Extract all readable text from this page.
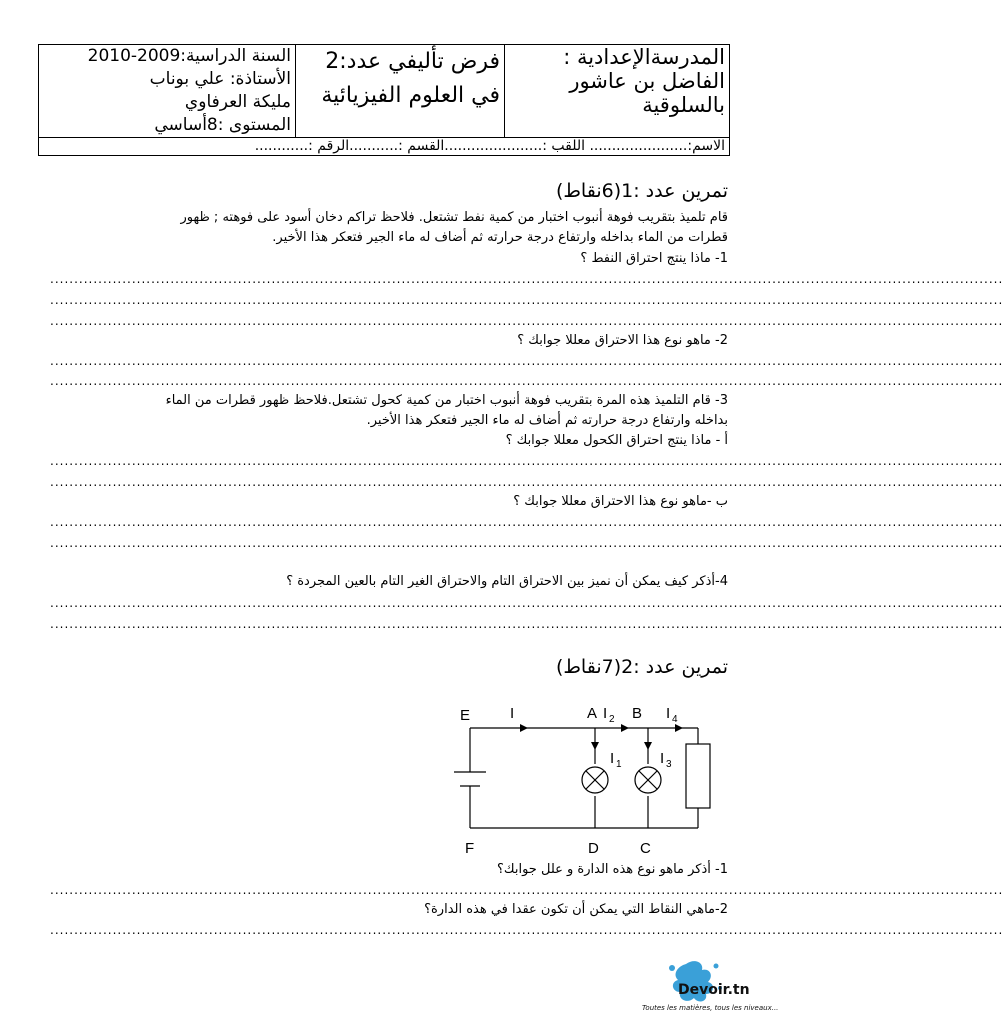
السنة الدراسية:2009-2010
الأستاذة: علي بوناب
مليكة العرفاوي
المستوى :8أساسي

فرض تأليفي عدد:2
في العلوم الفيزيائية

المدرسةالإعدادية :
الفاضل بن عاشور
بالسلوقية

الاسم:...................... اللقب :......................القسم :...........الرقم :............
تمرين عدد :1(6نقاط)
قام تلميذ بتقريب فوهة أنبوب اختبار من كمية نفط تشتعل. فلاحظ تراكم دخان أسود على فوهته ; ظهور
قطرات من الماء بداخله وارتفاع درجة حرارته ثم أضاف له ماء الجير فتعكر هذا الأخير.
1- ماذا ينتج احتراق النفط ؟
......................................................................................................................................................................................................
......................................................................................................................................................................................................
......................................................................................................................................................................................................
2- ماهو نوع هذا الاحتراق معللا جوابك ؟
......................................................................................................................................................................................................
......................................................................................................................................................................................................
3- قام التلميذ هذه المرة بتقريب فوهة أنبوب اختبار من كمية كحول تشتعل.فلاحظ ظهور قطرات من الماء
بداخله وارتفاع درجة حرارته ثم أضاف له ماء الجير فتعكر هذا الأخير.
أ - ماذا ينتج احتراق الكحول معللا جوابك ؟
......................................................................................................................................................................................................
......................................................................................................................................................................................................
ب -ماهو نوع هذا الاحتراق معللا جوابك ؟
......................................................................................................................................................................................................
......................................................................................................................................................................................................
4-أذكر كيف يمكن أن نميز بين الاحتراق التام والاحتراق الغير التام بالعين المجردة ؟
......................................................................................................................................................................................................
......................................................................................................................................................................................................
تمرين عدد :2(7نقاط)
E	I	A I 2 B I 4
I 1	I 3
F	D	C
1- أذكر ماهو نوع هذه الدارة و علل جوابك؟
......................................................................................................................................................................................................
2-ماهي النقاط التي يمكن أن تكون عقدا في هذه الدارة؟
......................................................................................................................................................................................................
Devoir.tn
Toutes les matières, tous les niveaux...
